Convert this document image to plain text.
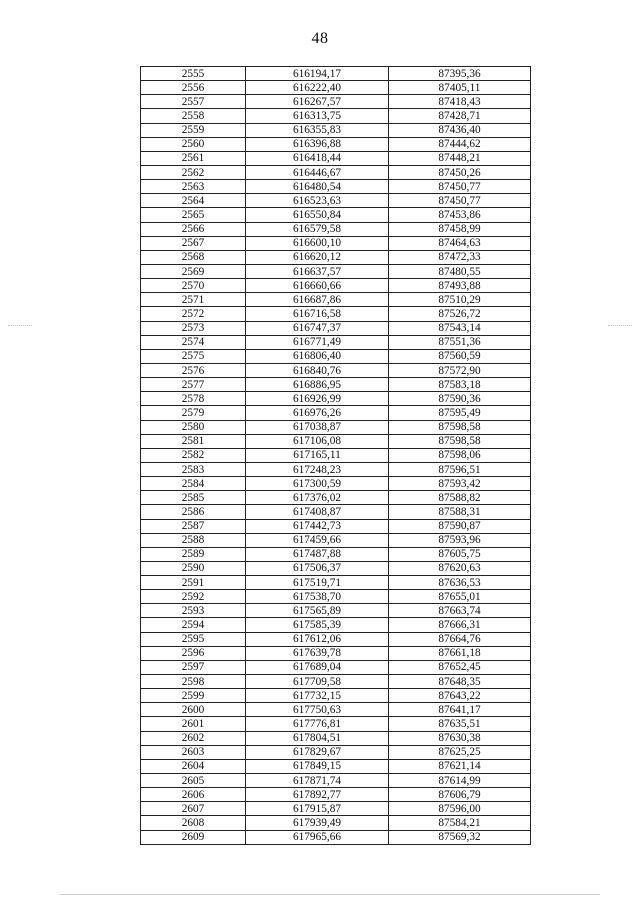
48
2555	616194,17	87395,36
2556	616222,40	87405,11
2557	616267,57	87418,43
2558	616313,75	87428,71
2559	616355,83	87436,40
2560	616396,88	87444,62
2561	616418,44	87448,21
2562	616446,67	87450,26
2563	616480,54	87450,77
2564	616523,63	87450,77
2565	616550,84	87453,86
2566	616579,58	87458,99
2567	616600,10	87464,63
2568	616620,12	87472,33
2569	616637,57	87480,55
2570	616660,66	87493,88
2571	616687,86	87510,29
2572	616716,58	87526,72
2573	616747,37	87543,14
2574	616771,49	87551,36
2575	616806,40	87560,59
2576	616840,76	87572,90
2577	616886,95	87583,18
2578	616926,99	87590,36
2579	616976,26	87595,49
2580	617038,87	87598,58
2581	617106,08	87598,58
2582	617165,11	87598,06
2583	617248,23	87596,51
2584	617300,59	87593,42
2585	617376,02	87588,82
2586	617408,87	87588,31
2587	617442,73	87590,87
2588	617459,66	87593,96
2589	617487,88	87605,75
2590	617506,37	87620,63
2591	617519,71	87636,53
2592	617538,70	87655,01
2593	617565,89	87663,74
2594	617585,39	87666,31
2595	617612,06	87664,76
2596	617639,78	87661,18
2597	617689,04	87652,45
2598	617709,58	87648,35
2599	617732,15	87643,22
2600	617750,63	87641,17
2601	617776,81	87635,51
2602	617804,51	87630,38
2603	617829,67	87625,25
2604	617849,15	87621,14
2605	617871,74	87614,99
2606	617892,77	87606,79
2607	617915,87	87596,00
2608	617939,49	87584,21
2609	617965,66	87569,32
